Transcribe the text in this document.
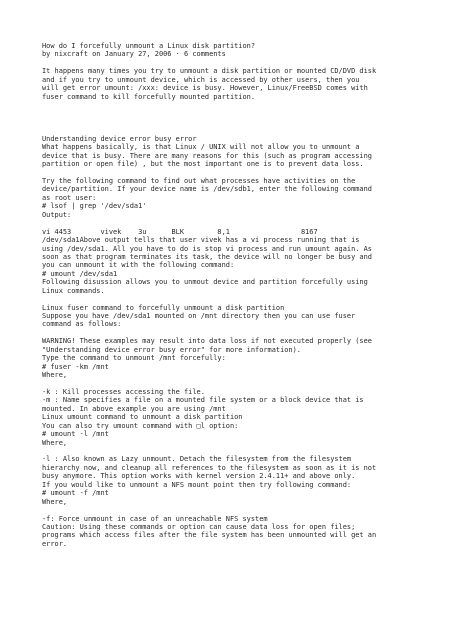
How do I forcefully unmount a Linux disk partition?
by nixcraft on January 27, 2006 · 6 comments
It happens many times you try to unmount a disk partition or mounted CD/DVD disk
and if you try to unmount device, which is accessed by other users, then you
will get error umount: /xxx: device is busy. However, Linux/FreeBSD comes with
fuser command to kill forcefully mounted partition.
Understanding device error busy error
What happens basically, is that Linux / UNIX will not allow you to unmount a
device that is busy. There are many reasons for this (such as program accessing
partition or open file) , but the most important one is to prevent data loss.
Try the following command to find out what processes have activities on the
device/partition. If your device name is /dev/sdb1, enter the following command
as root user:
# lsof | grep '/dev/sda1'
Output:
vi 4453       vivek    3u      BLK        8,1                 8167
/dev/sda1Above output tells that user vivek has a vi process running that is
using /dev/sda1. All you have to do is stop vi process and run umount again. As
soon as that program terminates its task, the device will no longer be busy and
you can unmount it with the following command:
# umount /dev/sda1
Following disussion allows you to unmout device and partition forcefully using
Linux commands.
Linux fuser command to forcefully unmount a disk partition
Suppose you have /dev/sda1 mounted on /mnt directory then you can use fuser
command as follows:
WARNING! These examples may result into data loss if not executed properly (see
"Understanding device error busy error" for more information).
Type the command to unmount /mnt forcefully:
# fuser -km /mnt
Where,
-k : Kill processes accessing the file.
-m : Name specifies a file on a mounted file system or a block device that is
mounted. In above example you are using /mnt
Linux umount command to unmount a disk partition
You can also try umount command with □l option:
# umount -l /mnt
Where,
-l : Also known as Lazy unmount. Detach the filesystem from the filesystem
hierarchy now, and cleanup all references to the filesystem as soon as it is not
busy anymore. This option works with kernel version 2.4.11+ and above only.
If you would like to unmount a NFS mount point then try following command:
# umount -f /mnt
Where,
-f: Force unmount in case of an unreachable NFS system
Caution: Using these commands or option can cause data loss for open files;
programs which access files after the file system has been unmounted will get an
error.
